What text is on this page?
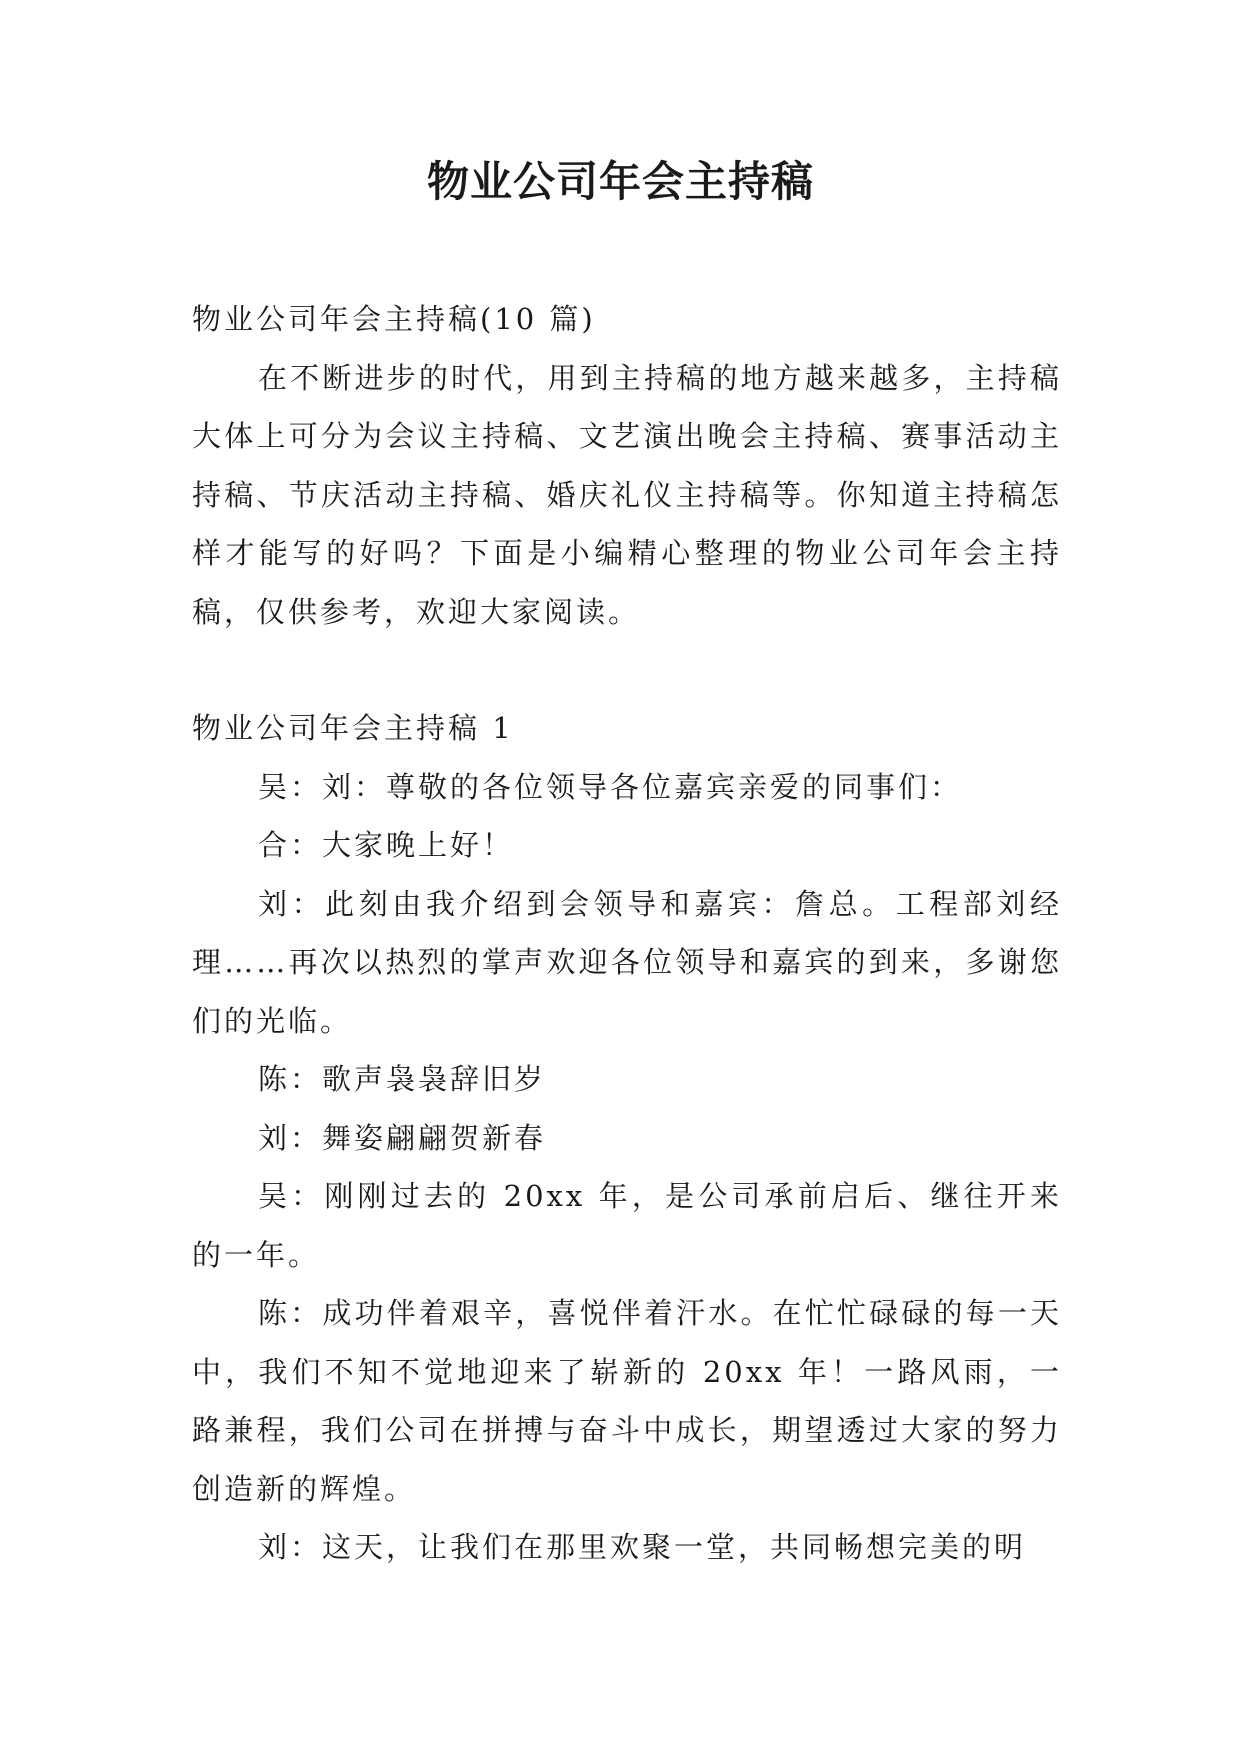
物业公司年会主持稿

物业公司年会主持稿(10 篇)

在不断进步的时代，用到主持稿的地方越来越多，主持稿大体上可分为会议主持稿、文艺演出晚会主持稿、赛事活动主持稿、节庆活动主持稿、婚庆礼仪主持稿等。你知道主持稿怎样才能写的好吗？下面是小编精心整理的物业公司年会主持稿，仅供参考，欢迎大家阅读。

物业公司年会主持稿 1

吴：刘：尊敬的各位领导各位嘉宾亲爱的同事们：

合：大家晚上好！

刘：此刻由我介绍到会领导和嘉宾：詹总。工程部刘经理……再次以热烈的掌声欢迎各位领导和嘉宾的到来，多谢您们的光临。

陈：歌声袅袅辞旧岁

刘：舞姿翩翩贺新春

吴：刚刚过去的 20xx 年，是公司承前启后、继往开来的一年。

陈：成功伴着艰辛，喜悦伴着汗水。在忙忙碌碌的每一天中，我们不知不觉地迎来了崭新的 20xx 年！一路风雨，一路兼程，我们公司在拼搏与奋斗中成长，期望透过大家的努力创造新的辉煌。

刘：这天，让我们在那里欢聚一堂，共同畅想完美的明
